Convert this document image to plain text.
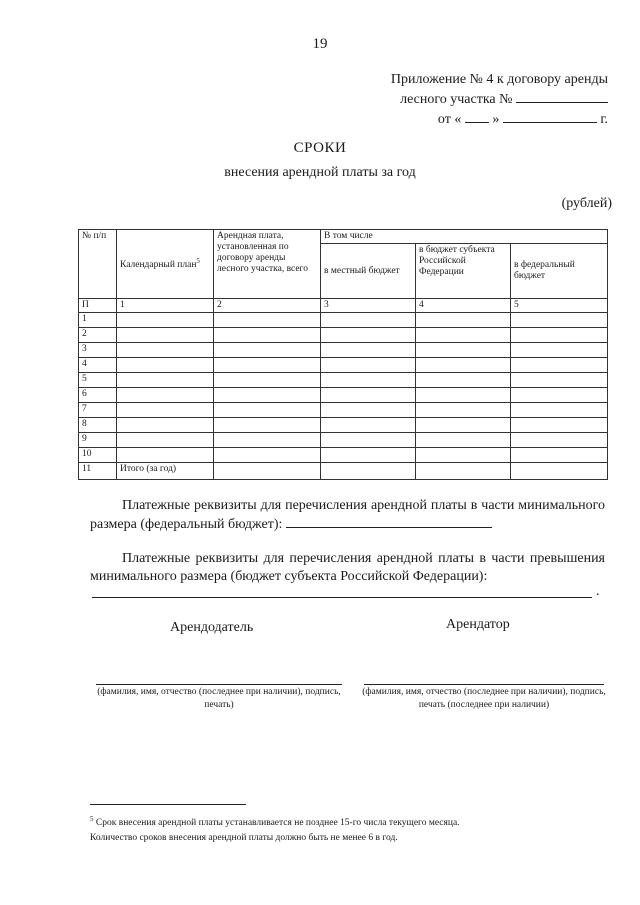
19
Приложение № 4 к договору аренды
лесного участка №
от « »	г.
СРОКИ
внесения арендной платы за год
(рублей)
№ п/п	Календарный план$^5$	Арендная плата, установленная по договору аренды лесного участка, всего	В том числе		
			в местный бюджет	в бюджет субъекта Российской Федерации	в федеральный бюджет
П	1	2	3	4	5
1					
2					
3					
4					
5					
6					
7					
8					
9					
10					
11	Итого (за год)				
Платежные реквизиты для перечисления арендной платы в части минимального размера (федеральный бюджет):
Платежные реквизиты для перечисления арендной платы в части превышения минимального размера (бюджет субъекта Российской Федерации):
.
Арендодатель	Арендатор
(фамилия, имя, отчество (последнее при наличии), подпись, печать)
(фамилия, имя, отчество (последнее при наличии), подпись, печать (последнее при наличии)
$^5$ Срок внесения арендной платы устанавливается не позднее 15-го числа текущего месяца.
Количество сроков внесения арендной платы должно быть не менее 6 в год.
